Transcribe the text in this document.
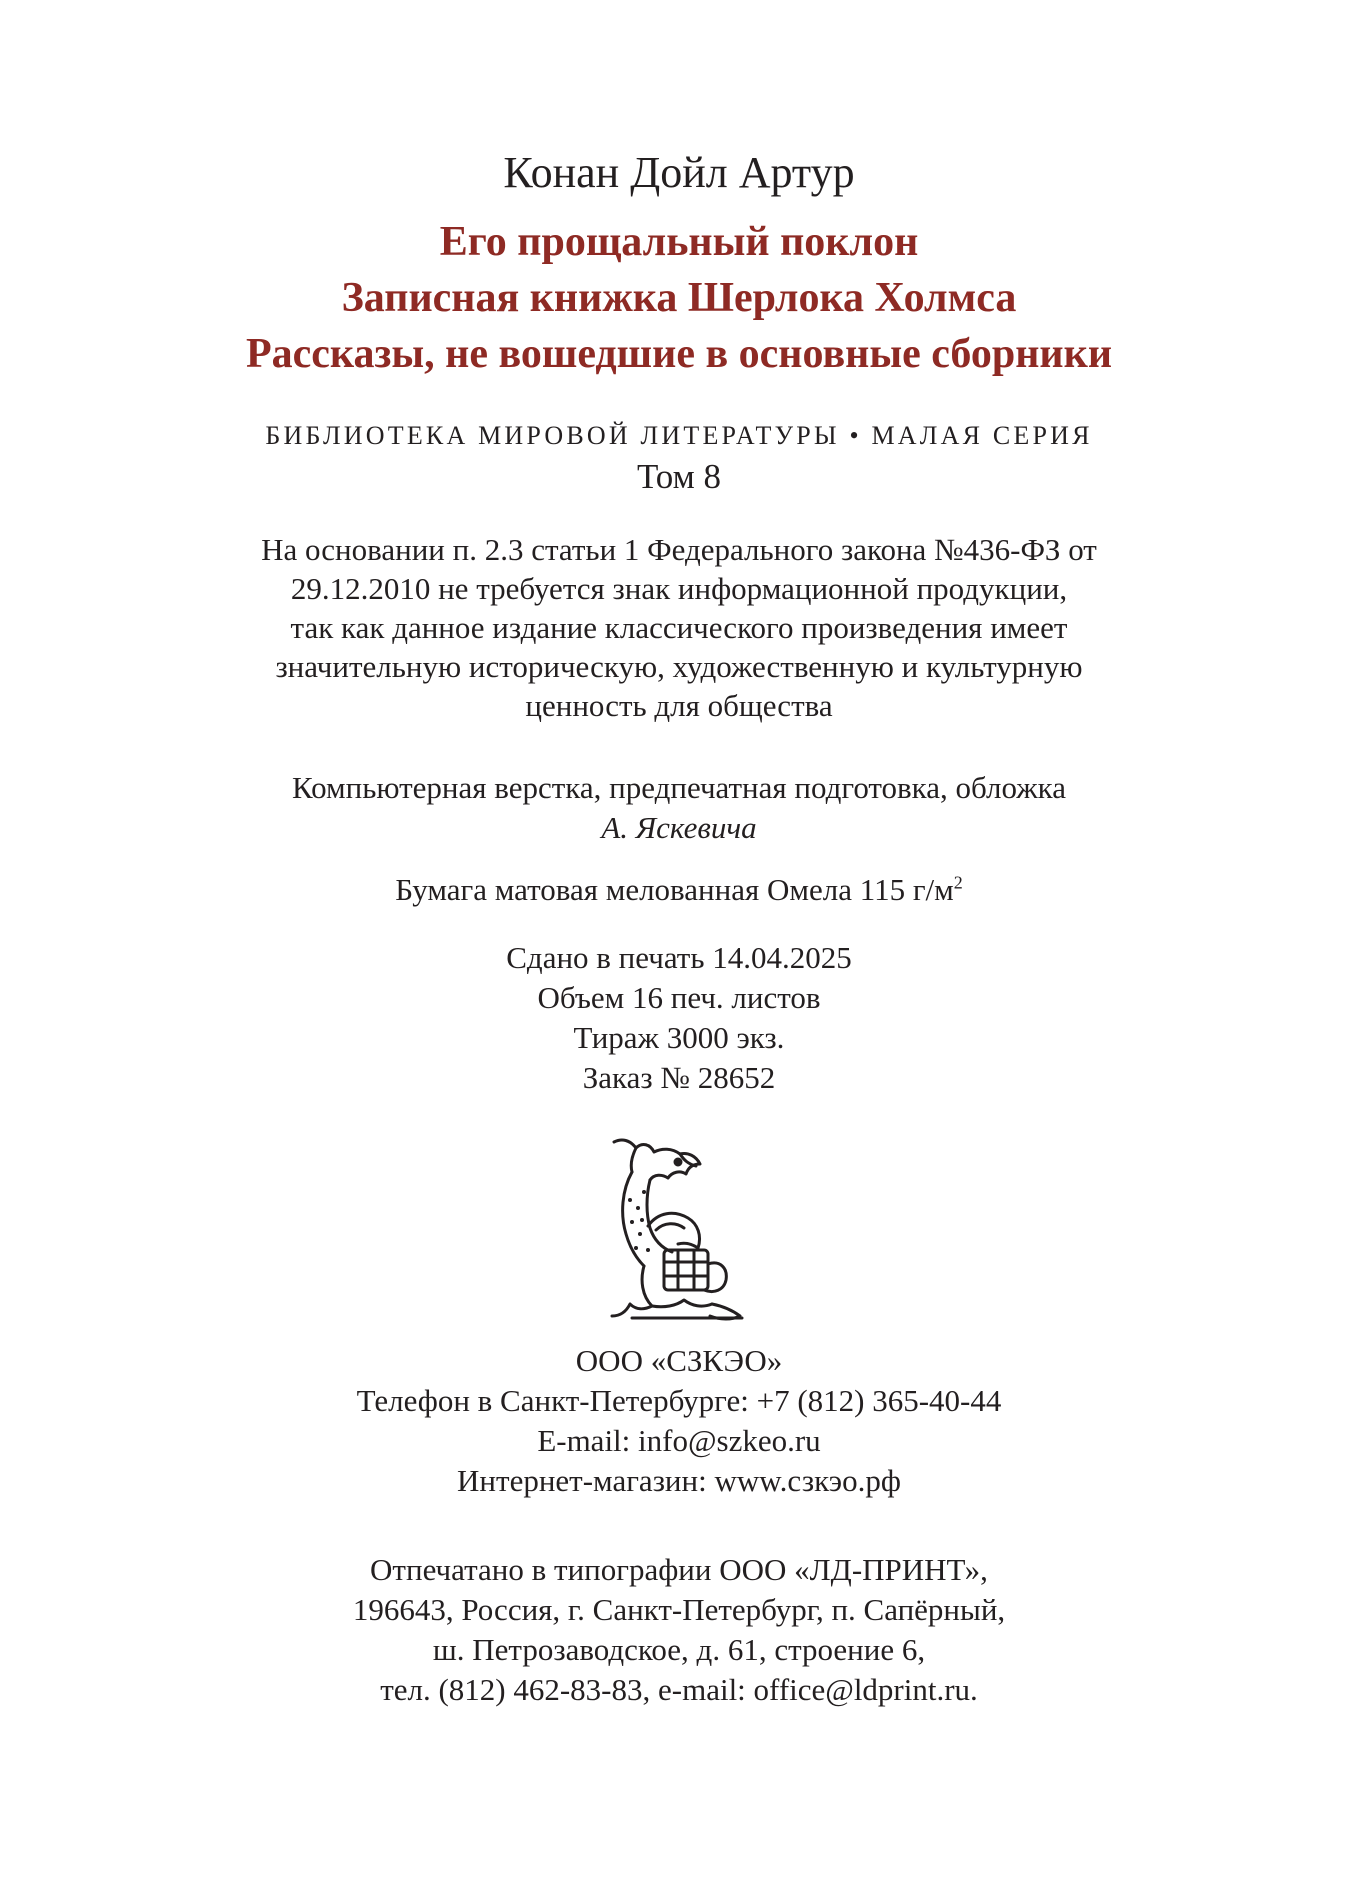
Конан Дойл Артур

Его прощальный поклон

Записная книжка Шерлока Холмса

Рассказы, не вошедшие в основные сборники

БИБЛИОТЕКА МИРОВОЙ ЛИТЕРАТУРЫ • МАЛАЯ СЕРИЯ

Том 8

На основании п. 2.3 статьи 1 Федерального закона №436-ФЗ от

29.12.2010 не требуется знак информационной продукции,

так как данное издание классического произведения имеет

значительную историческую, художественную и культурную

ценность для общества

Компьютерная верстка, предпечатная подготовка, обложка

А. Яскевича

Бумага матовая мелованная Омела 115 $г/м^2$

Сдано в печать 14.04.2025

Объем 16 печ. листов

Тираж 3000 экз.

Заказ № 28652

ООО «СЗКЭО»

Телефон в Санкт-Петербурге: +7 (812) 365-40-44

E-mail: info@szkeo.ru

Интернет-магазин: www.сзкэо.рф

Отпечатано в типографии ООО «ЛД-ПРИНТ»,

196643, Россия, г. Санкт-Петербург, п. Сапёрный,

ш. Петрозаводское, д. 61, строение 6,

тел. (812) 462-83-83, e-mail: office@ldprint.ru.
